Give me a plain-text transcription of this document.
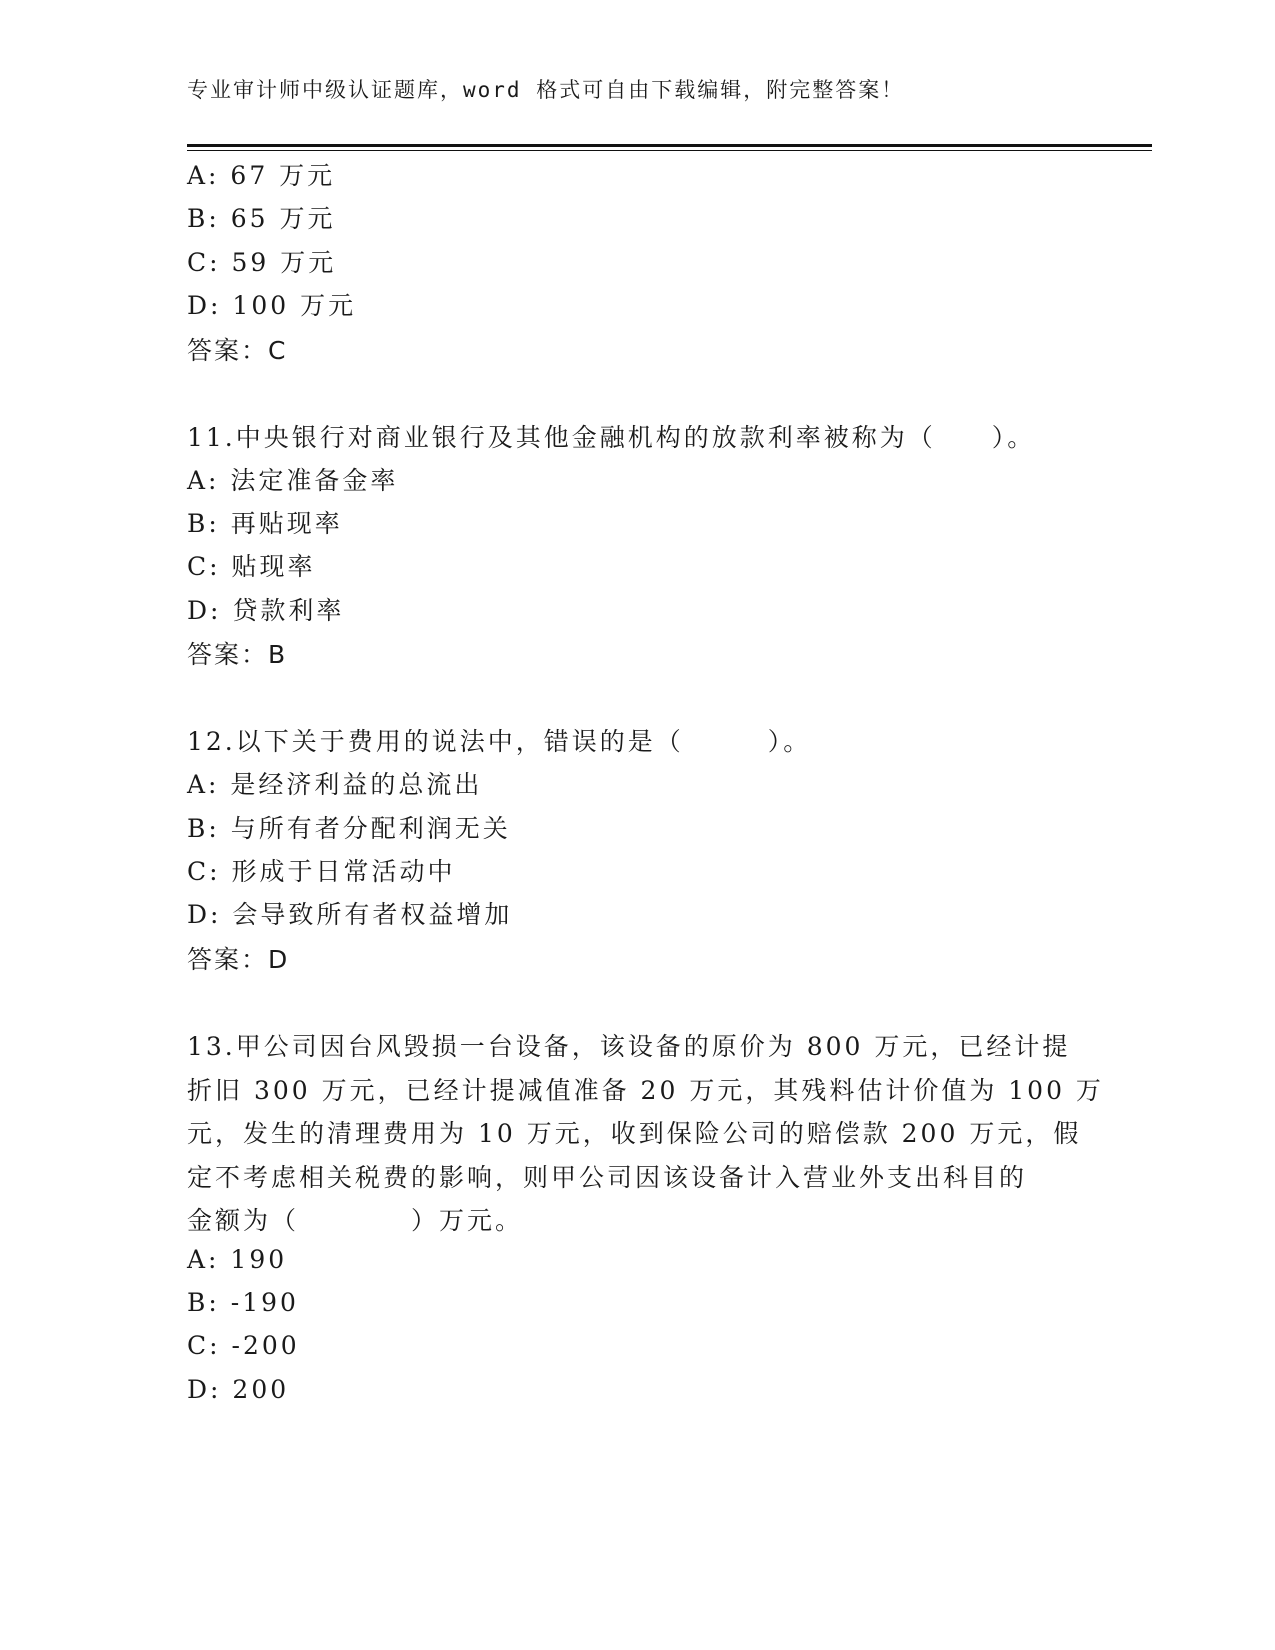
专业审计师中级认证题库，word 格式可自由下载编辑，附完整答案！
A: 67 万元
B: 65 万元
C: 59 万元
D: 100 万元
答案：C
11.中央银行对商业银行及其他金融机构的放款利率被称为（　　）。
A: 法定准备金率
B: 再贴现率
C: 贴现率
D: 贷款利率
答案：B
12.以下关于费用的说法中，错误的是（　　　）。
A: 是经济利益的总流出
B: 与所有者分配利润无关
C: 形成于日常活动中
D: 会导致所有者权益增加
答案：D
13.甲公司因台风毁损一台设备，该设备的原价为 800 万元，已经计提
折旧 300 万元，已经计提减值准备 20 万元，其残料估计价值为 100 万
元，发生的清理费用为 10 万元，收到保险公司的赔偿款 200 万元，假
定不考虑相关税费的影响，则甲公司因该设备计入营业外支出科目的
金额为（　　　　）万元。
A: 190
B: -190
C: -200
D: 200
